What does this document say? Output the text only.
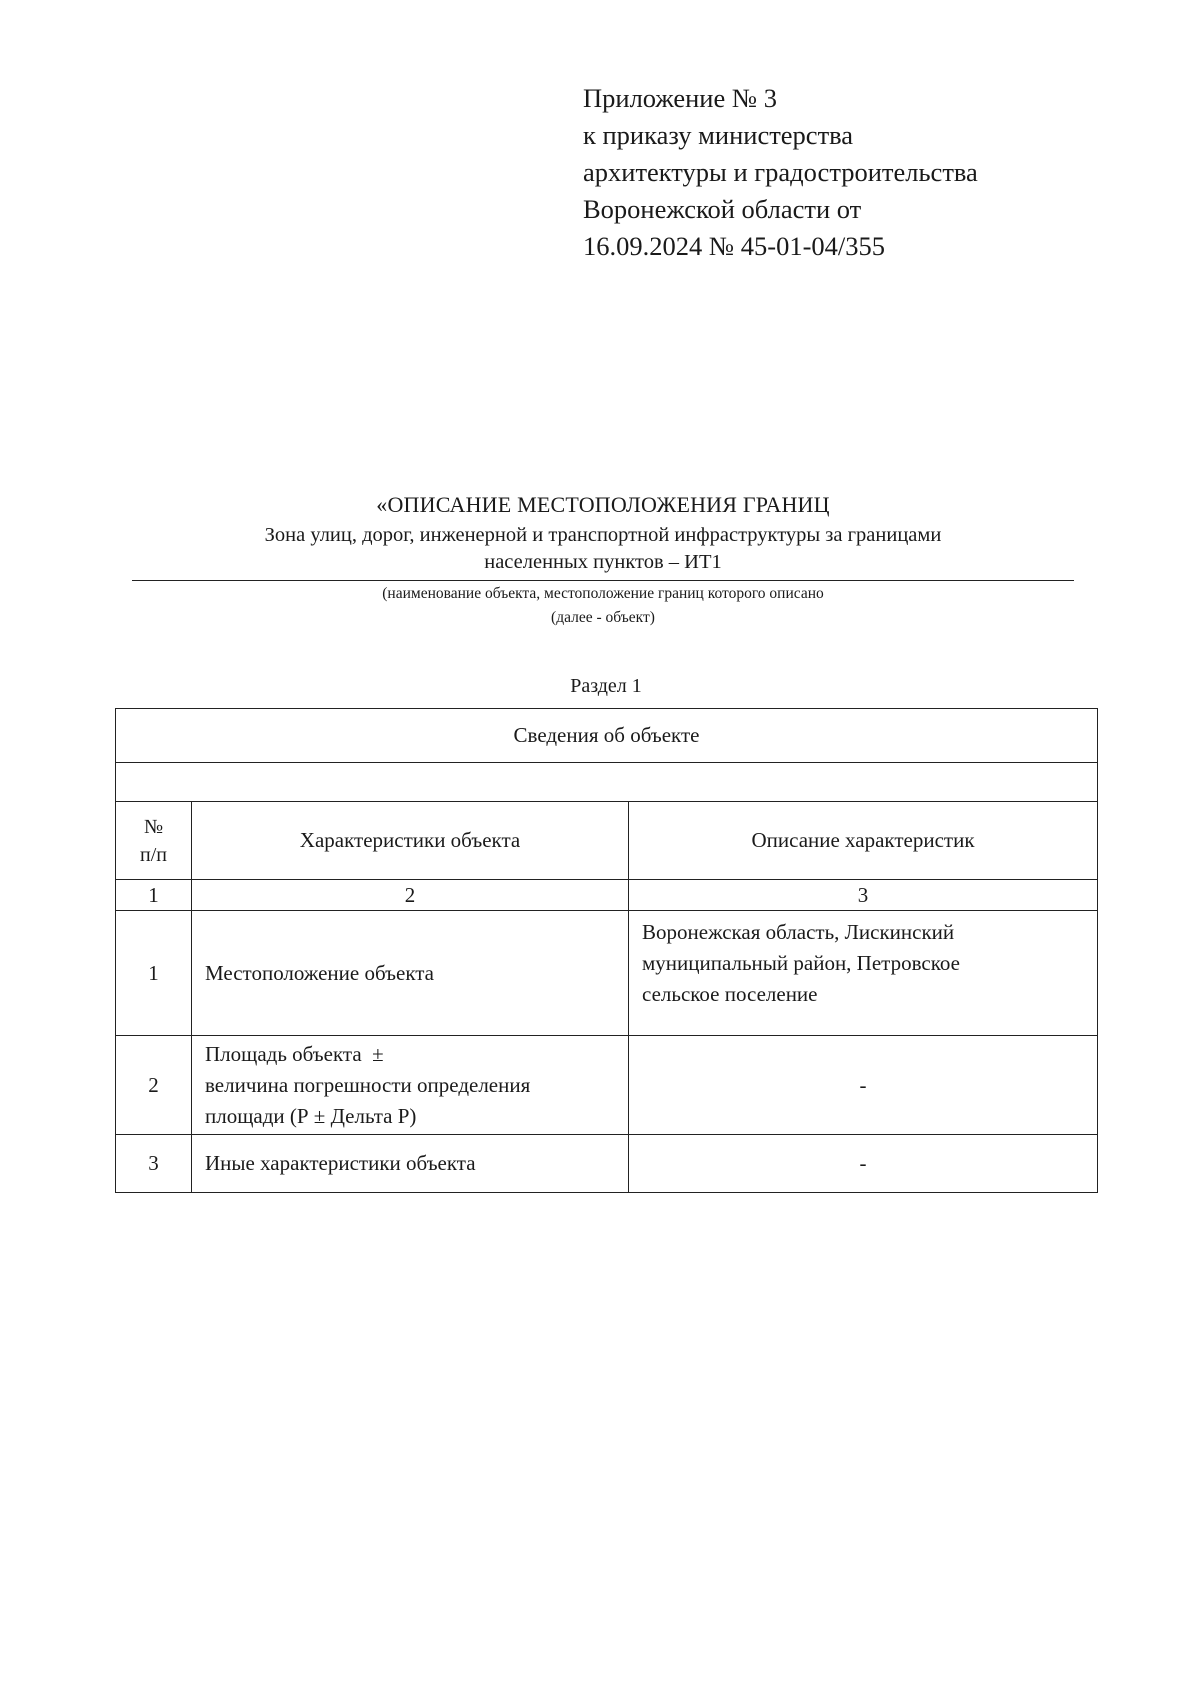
Приложение № 3
к приказу министерства
архитектуры и градостроительства
Воронежской области от
16.09.2024 № 45-01-04/355
«ОПИСАНИЕ МЕСТОПОЛОЖЕНИЯ ГРАНИЦ
Зона улиц, дорог, инженерной и транспортной инфраструктуры за границами
населенных пунктов – ИТ1
(наименование объекта, местоположение границ которого описано
(далее - объект)
Раздел 1
Сведения об объекте		

№
п/п	Характеристики объекта	Описание характеристик
1	2	3
1	Местоположение объекта	Воронежская область, Лискинский
муниципальный район, Петровское
сельское поселение

2	Площадь объекта  ±
величина погрешности определения
площади (Р ± Дельта Р)	-
3	Иные характеристики объекта	-
